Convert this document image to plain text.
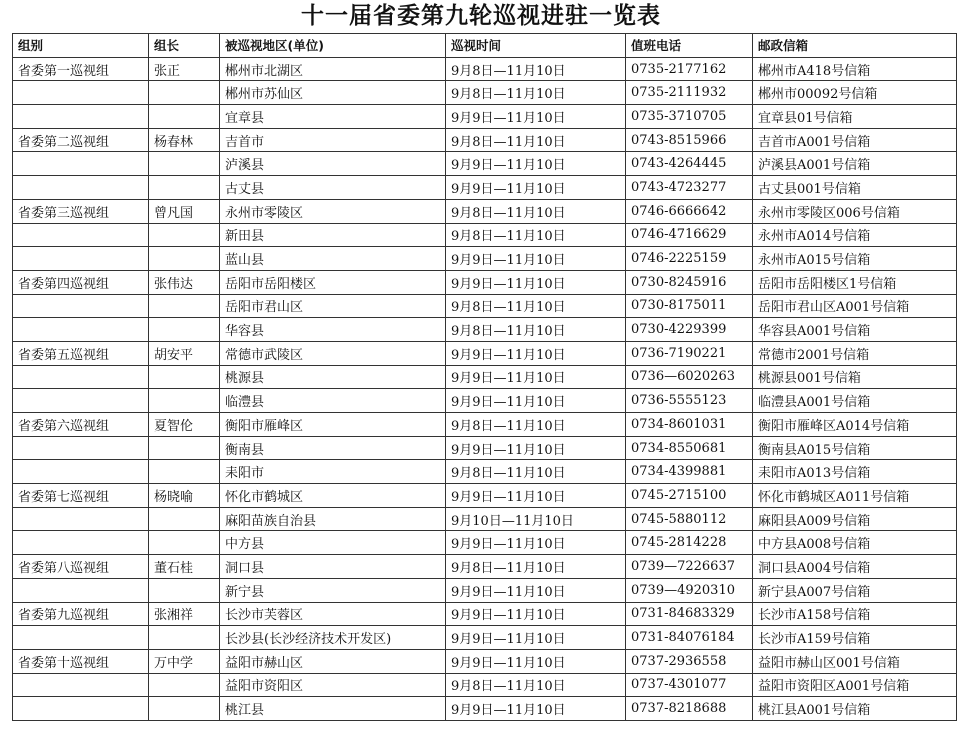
十一届省委第九轮巡视进驻一览表
组别	组长	被巡视地区(单位)	巡视时间	值班电话	邮政信箱
省委第一巡视组	张正	郴州市北湖区	9月8日—11月10日	0735-2177162	郴州市A418号信箱
		郴州市苏仙区	9月8日—11月10日	0735-2111932	郴州市00092号信箱
		宜章县	9月9日—11月10日	0735-3710705	宜章县01号信箱
省委第二巡视组	杨春林	吉首市	9月8日—11月10日	0743-8515966	吉首市A001号信箱
		泸溪县	9月9日—11月10日	0743-4264445	泸溪县A001号信箱
		古丈县	9月9日—11月10日	0743-4723277	古丈县001号信箱
省委第三巡视组	曾凡国	永州市零陵区	9月8日—11月10日	0746-6666642	永州市零陵区006号信箱
		新田县	9月8日—11月10日	0746-4716629	永州市A014号信箱
		蓝山县	9月9日—11月10日	0746-2225159	永州市A015号信箱
省委第四巡视组	张伟达	岳阳市岳阳楼区	9月9日—11月10日	0730-8245916	岳阳市岳阳楼区1号信箱
		岳阳市君山区	9月8日—11月10日	0730-8175011	岳阳市君山区A001号信箱
		华容县	9月8日—11月10日	0730-4229399	华容县A001号信箱
省委第五巡视组	胡安平	常德市武陵区	9月9日—11月10日	0736-7190221	常德市2001号信箱
		桃源县	9月9日—11月10日	0736—6020263	桃源县001号信箱
		临澧县	9月9日—11月10日	0736-5555123	临澧县A001号信箱
省委第六巡视组	夏智伦	衡阳市雁峰区	9月8日—11月10日	0734-8601031	衡阳市雁峰区A014号信箱
		衡南县	9月9日—11月10日	0734-8550681	衡南县A015号信箱
		耒阳市	9月8日—11月10日	0734-4399881	耒阳市A013号信箱
省委第七巡视组	杨晓喻	怀化市鹤城区	9月9日—11月10日	0745-2715100	怀化市鹤城区A011号信箱
		麻阳苗族自治县	9月10日—11月10日	0745-5880112	麻阳县A009号信箱
		中方县	9月9日—11月10日	0745-2814228	中方县A008号信箱
省委第八巡视组	董石桂	洞口县	9月8日—11月10日	0739—7226637	洞口县A004号信箱
		新宁县	9月9日—11月10日	0739—4920310	新宁县A007号信箱
省委第九巡视组	张湘祥	长沙市芙蓉区	9月9日—11月10日	0731-84683329	长沙市A158号信箱
		长沙县(长沙经济技术开发区)	9月9日—11月10日	0731-84076184	长沙市A159号信箱
省委第十巡视组	万中学	益阳市赫山区	9月9日—11月10日	0737-2936558	益阳市赫山区001号信箱
		益阳市资阳区	9月8日—11月10日	0737-4301077	益阳市资阳区A001号信箱
		桃江县	9月9日—11月10日	0737-8218688	桃江县A001号信箱
